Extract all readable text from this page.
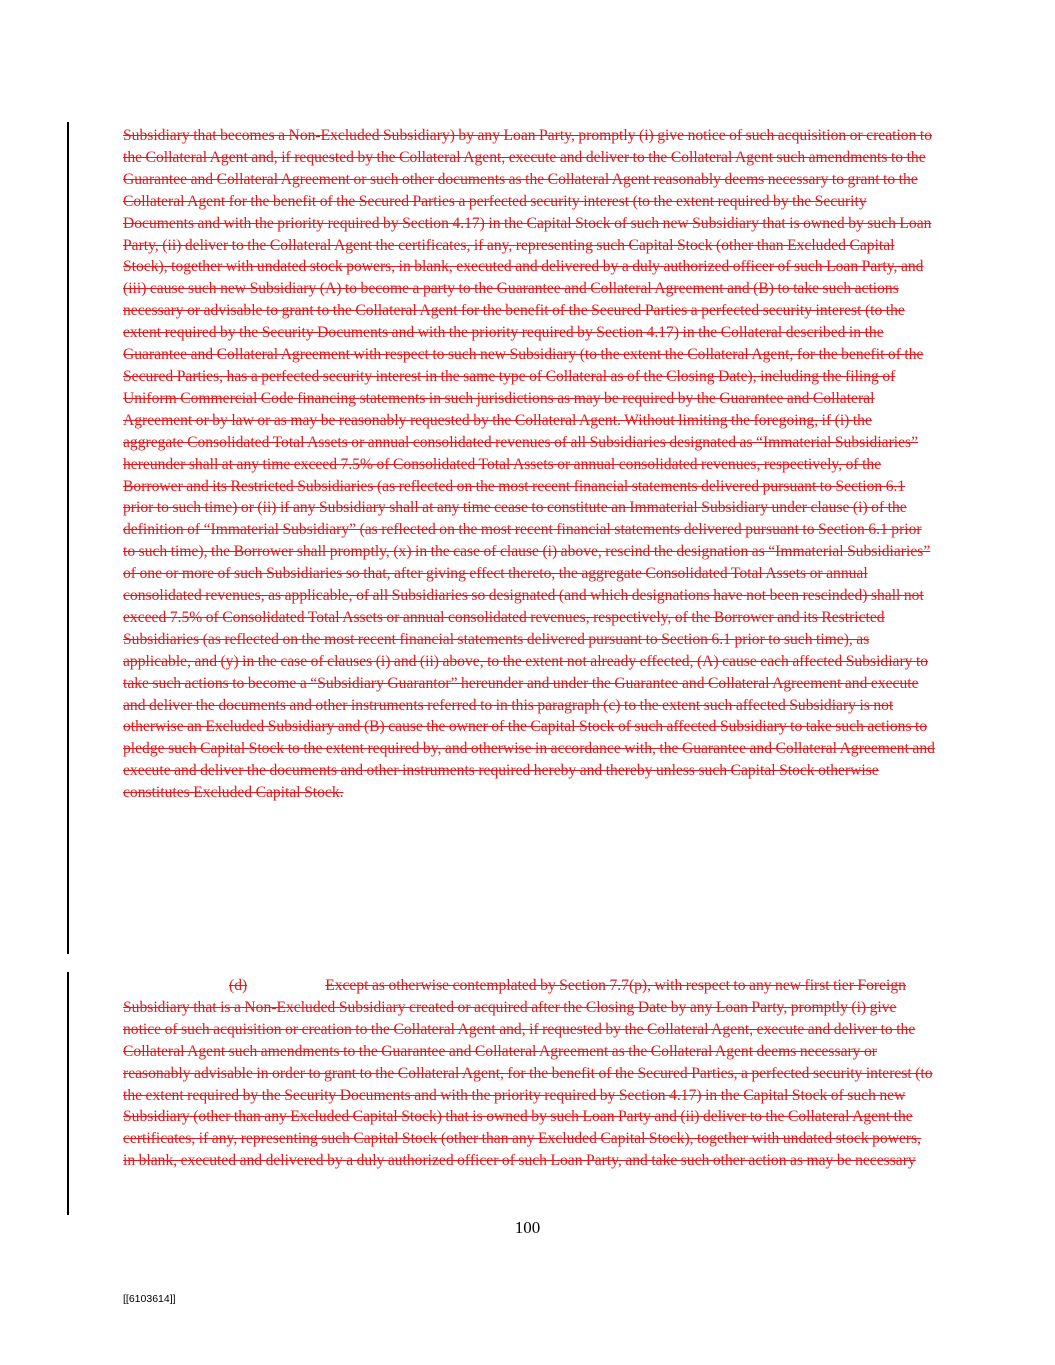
Subsidiary that becomes a Non-Excluded Subsidiary) by any Loan Party, promptly (i) give notice of such acquisition or creation to the Collateral Agent and, if requested by the Collateral Agent, execute and deliver to the Collateral Agent such amendments to the Guarantee and Collateral Agreement or such other documents as the Collateral Agent reasonably deems necessary to grant to the Collateral Agent for the benefit of the Secured Parties a perfected security interest (to the extent required by the Security Documents and with the priority required by Section 4.17) in the Capital Stock of such new Subsidiary that is owned by such Loan Party, (ii) deliver to the Collateral Agent the certificates, if any, representing such Capital Stock (other than Excluded Capital Stock), together with undated stock powers, in blank, executed and delivered by a duly authorized officer of such Loan Party, and (iii) cause such new Subsidiary (A) to become a party to the Guarantee and Collateral Agreement and (B) to take such actions necessary or advisable to grant to the Collateral Agent for the benefit of the Secured Parties a perfected security interest (to the extent required by the Security Documents and with the priority required by Section 4.17) in the Collateral described in the Guarantee and Collateral Agreement with respect to such new Subsidiary (to the extent the Collateral Agent, for the benefit of the Secured Parties, has a perfected security interest in the same type of Collateral as of the Closing Date), including the filing of Uniform Commercial Code financing statements in such jurisdictions as may be required by the Guarantee and Collateral Agreement or by law or as may be reasonably requested by the Collateral Agent. Without limiting the foregoing, if (i) the aggregate Consolidated Total Assets or annual consolidated revenues of all Subsidiaries designated as “Immaterial Subsidiaries” hereunder shall at any time exceed 7.5% of Consolidated Total Assets or annual consolidated revenues, respectively, of the Borrower and its Restricted Subsidiaries (as reflected on the most recent financial statements delivered pursuant to Section 6.1 prior to such time) or (ii) if any Subsidiary shall at any time cease to constitute an Immaterial Subsidiary under clause (i) of the definition of “Immaterial Subsidiary” (as reflected on the most recent financial statements delivered pursuant to Section 6.1 prior to such time), the Borrower shall promptly, (x) in the case of clause (i) above, rescind the designation as “Immaterial Subsidiaries” of one or more of such Subsidiaries so that, after giving effect thereto, the aggregate Consolidated Total Assets or annual consolidated revenues, as applicable, of all Subsidiaries so designated (and which designations have not been rescinded) shall not exceed 7.5% of Consolidated Total Assets or annual consolidated revenues, respectively, of the Borrower and its Restricted Subsidiaries (as reflected on the most recent financial statements delivered pursuant to Section 6.1 prior to such time), as applicable, and (y) in the case of clauses (i) and (ii) above, to the extent not already effected, (A) cause each affected Subsidiary to take such actions to become a “Subsidiary Guarantor” hereunder and under the Guarantee and Collateral Agreement and execute and deliver the documents and other instruments referred to in this paragraph (c) to the extent such affected Subsidiary is not otherwise an Excluded Subsidiary and (B) cause the owner of the Capital Stock of such affected Subsidiary to take such actions to pledge such Capital Stock to the extent required by, and otherwise in accordance with, the Guarantee and Collateral Agreement and execute and deliver the documents and other instruments required hereby and thereby unless such Capital Stock otherwise constitutes Excluded Capital Stock.

(d)	Except as otherwise contemplated by Section 7.7(p), with respect to any new first tier Foreign Subsidiary that is a Non-Excluded Subsidiary created or acquired after the Closing Date by any Loan Party, promptly (i) give notice of such acquisition or creation to the Collateral Agent and, if requested by the Collateral Agent, execute and deliver to the Collateral Agent such amendments to the Guarantee and Collateral Agreement as the Collateral Agent deems necessary or reasonably advisable in order to grant to the Collateral Agent, for the benefit of the Secured Parties, a perfected security interest (to the extent required by the Security Documents and with the priority required by Section 4.17) in the Capital Stock of such new Subsidiary (other than any Excluded Capital Stock) that is owned by such Loan Party and (ii) deliver to the Collateral Agent the certificates, if any, representing such Capital Stock (other than any Excluded Capital Stock), together with undated stock powers, in blank, executed and delivered by a duly authorized officer of such Loan Party, and take such other action as may be necessary

100
[[6103614]]
